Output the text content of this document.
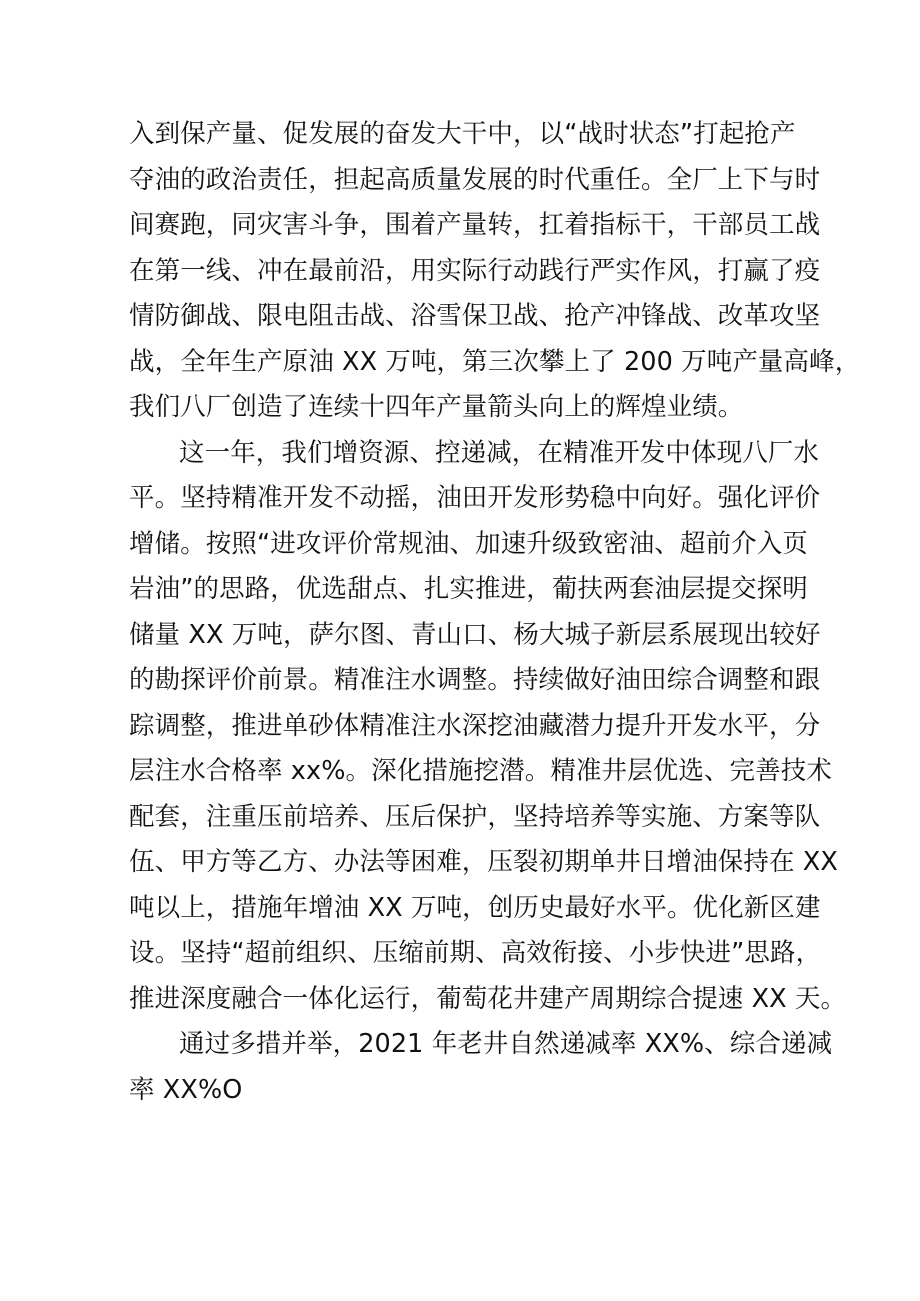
入到保产量、促发展的奋发大干中，以“战时状态”打起抢产
夺油的政治责任，担起高质量发展的时代重任。全厂上下与时
间赛跑，同灾害斗争，围着产量转，扛着指标干，干部员工战
在第一线、冲在最前沿，用实际行动践行严实作风，打赢了疫
情防御战、限电阻击战、浴雪保卫战、抢产冲锋战、改革攻坚
战，全年生产原油 XX 万吨，第三次攀上了 200 万吨产量高峰，
我们八厂创造了连续十四年产量箭头向上的辉煌业绩。
这一年，我们增资源、控递减，在精准开发中体现八厂水
平。坚持精准开发不动摇，油田开发形势稳中向好。强化评价
增储。按照“进攻评价常规油、加速升级致密油、超前介入页
岩油”的思路，优选甜点、扎实推进，葡扶两套油层提交探明
储量 XX 万吨，萨尔图、青山口、杨大城子新层系展现出较好
的勘探评价前景。精准注水调整。持续做好油田综合调整和跟
踪调整，推进单砂体精准注水深挖油藏潜力提升开发水平，分
层注水合格率 xx%。深化措施挖潜。精准井层优选、完善技术
配套，注重压前培养、压后保护，坚持培养等实施、方案等队
伍、甲方等乙方、办法等困难，压裂初期单井日增油保持在 XX
吨以上，措施年增油 XX 万吨，创历史最好水平。优化新区建
设。坚持“超前组织、压缩前期、高效衔接、小步快进”思路，
推进深度融合一体化运行，葡萄花井建产周期综合提速 XX 天。
通过多措并举，2021 年老井自然递减率 XX%、综合递减
率 XX%O
